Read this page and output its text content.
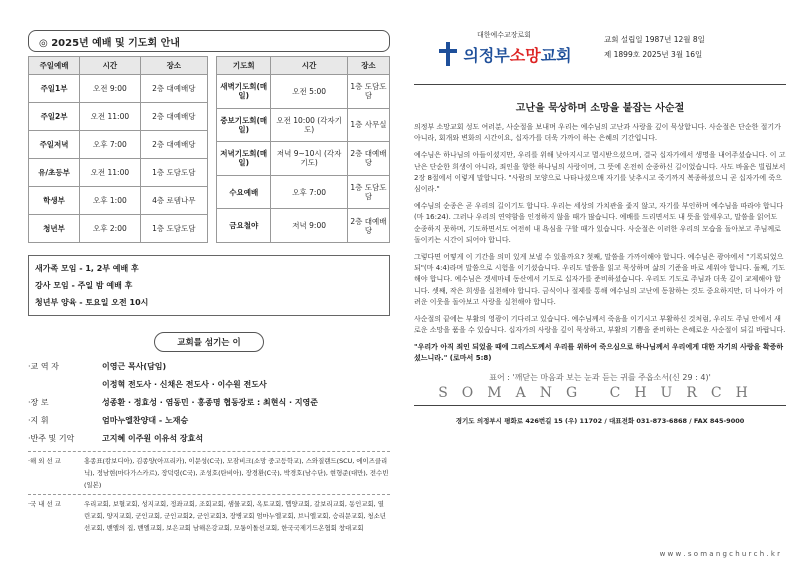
◎ 2025년 예배 및 기도회 안내
주일예배	시간	장소
주일1부	오전 9:00	2층 대예배당
주일2부	오전 11:00	2층 대예배당
주일저녁	오후 7:00	2층 대예배당
유/초등부	오전 11:00	1층 도담도담
학생부	오후 1:00	4층 로뎀나무
청년부	오후 2:00	1층 도담도담
기도회	시간	장소
새벽기도회(매일)	오전 5:00	1층 도담도담
중보기도회(매일)	오전 10:00 (각자기도)	1층 사무실
저녁기도회(매일)	저녁 9~10시 (각자기도)	2층 대예배당
수요예배	오후 7:00	1층 도담도담
금요철야	저녁 9:00	2층 대예배당
새가족 모임 - 1, 2부 예배 후
강사 모임 - 주일 밤 예배 후
청년부 양육 - 토요일 오전 10시
교회를 섬기는 이
·교 역 자	이영근 목사(담임)
이정혁 전도사 · 신채은 전도사 · 이수원 전도사
·장 로	성종환 · 정효성 · 염동민 · 홍종명 협동장로 : 최현식 · 지영준
·지 휘	엄마누엘찬양대 - 노재승
·반주 및 기악	고지혜 이주원 이유석 장효석
·해 외 선 교	홍종표(캄보디아), 김종양(아프리카), 이문성(C국), 모잠비크(소망 중고등학교), 스와질랜드(SCU, 에이즈클리닉), 정남현(마다가스카르), 장덕령(C국), 조성호(탄비아), 장경환(C국), 박경호(남수단), 현형준(대만), 전수빈(일본)
·국 내 선 교	우리교회, 보혈교회, 성지교회, 정좌교회, 조회교회, 샘물교회, 옥토교회, 헵양교회, 갈보리교회, 동인교회, 열린교회, 양지교회, 군인교회, 군인교회2, 군인교회3, 장병교회 엄마누엘교회, 브니엘교회, 승리문교회, 청소년선교회, 밴엘의 집, 밴엘교회, 보은교회 남해은강교회, 모퉁이돌선교회, 한국국제기드온협회 창대교회
대한예수교장로회
의정부소망교회
교회 설립일 1987년 12월 8일
제 1899호 2025년 3월 16일
고난을 묵상하며 소망을 붙잡는 사순절
의정부 소망교회 성도 여러분, 사순절을 보내며 우리는 예수님의 고난과 사랑을 깊이 묵상합니다. 사순절은 단순한 절기가 아니라, 회개와 변화의 시간이요, 십자가를 더욱 가까이 하는 은혜의 기간입니다.
예수님은 하나님의 아들이셨지만, 우리를 위해 낮아지시고 멸시받으셨으며, 결국 십자가에서 생명을 내어주셨습니다. 이 고난은 단순한 희생이 아니라, 죄인을 향한 하나님의 사랑이며, 그 뜻에 온전히 순종하신 길이었습니다. 사도 바울은 빌립보서 2장 8절에서 이렇게 말합니다. "사람의 모양으로 나타나셨으매 자기를 낮추시고 죽기까지 복종하셨으니 곧 십자가에 죽으심이라."
예수님의 순종은 곧 우리의 길이기도 합니다. 우리는 세상의 가치관을 좇지 않고, 자기를 부인하며 예수님을 따라야 합니다(마 16:24). 그러나 우리의 연약함을 인정하지 않을 때가 많습니다. 예배를 드리면서도 내 뜻을 앞세우고, 말씀을 읽어도 순종하지 못하며, 기도하면서도 여전히 내 욕심을 구할 때가 있습니다. 사순절은 이러한 우리의 모습을 돌아보고 주님께로 돌이키는 시간이 되어야 합니다.
그렇다면 어떻게 이 기간을 의미 있게 보낼 수 있을까요? 첫째, 말씀을 가까이해야 합니다. 예수님은 광야에서 "기록되었으되"(마 4:4)라며 말씀으로 시험을 이기셨습니다. 우리도 말씀을 읽고 묵상하며 삶의 기준을 바로 세워야 합니다. 둘째, 기도해야 합니다. 예수님은 겟세마네 동산에서 기도로 십자가를 준비하셨습니다. 우리도 기도로 주님과 더욱 깊이 교제해야 합니다. 셋째, 작은 희생을 실천해야 합니다. 금식이나 절제를 통해 예수님의 고난에 동참하는 것도 중요하지만, 더 나아가 어려운 이웃을 돌아보고 사랑을 실천해야 합니다.
사순절의 끝에는 부활의 영광이 기다리고 있습니다. 예수님께서 죽음을 이기시고 부활하신 것처럼, 우리도 주님 안에서 새로운 소망을 품을 수 있습니다. 십자가의 사랑을 깊이 묵상하고, 부활의 기쁨을 준비하는 은혜로운 사순절이 되길 바랍니다.
"우리가 아직 죄인 되었을 때에 그리스도께서 우리를 위하여 죽으심으로 하나님께서 우리에게 대한 자기의 사랑을 확증하셨느니라." (로마서 5:8)
표어 : '깨닫는 마음과 보는 눈과 듣는 귀를 주옵소서(신 29 : 4)'
SOMANG CHURCH
경기도 의정부시 평화로 426번길 15 (우) 11702 / 대표전화 031-873-6868 / FAX 845-9000
w w w . s o m a n g c h u r c h . k r
